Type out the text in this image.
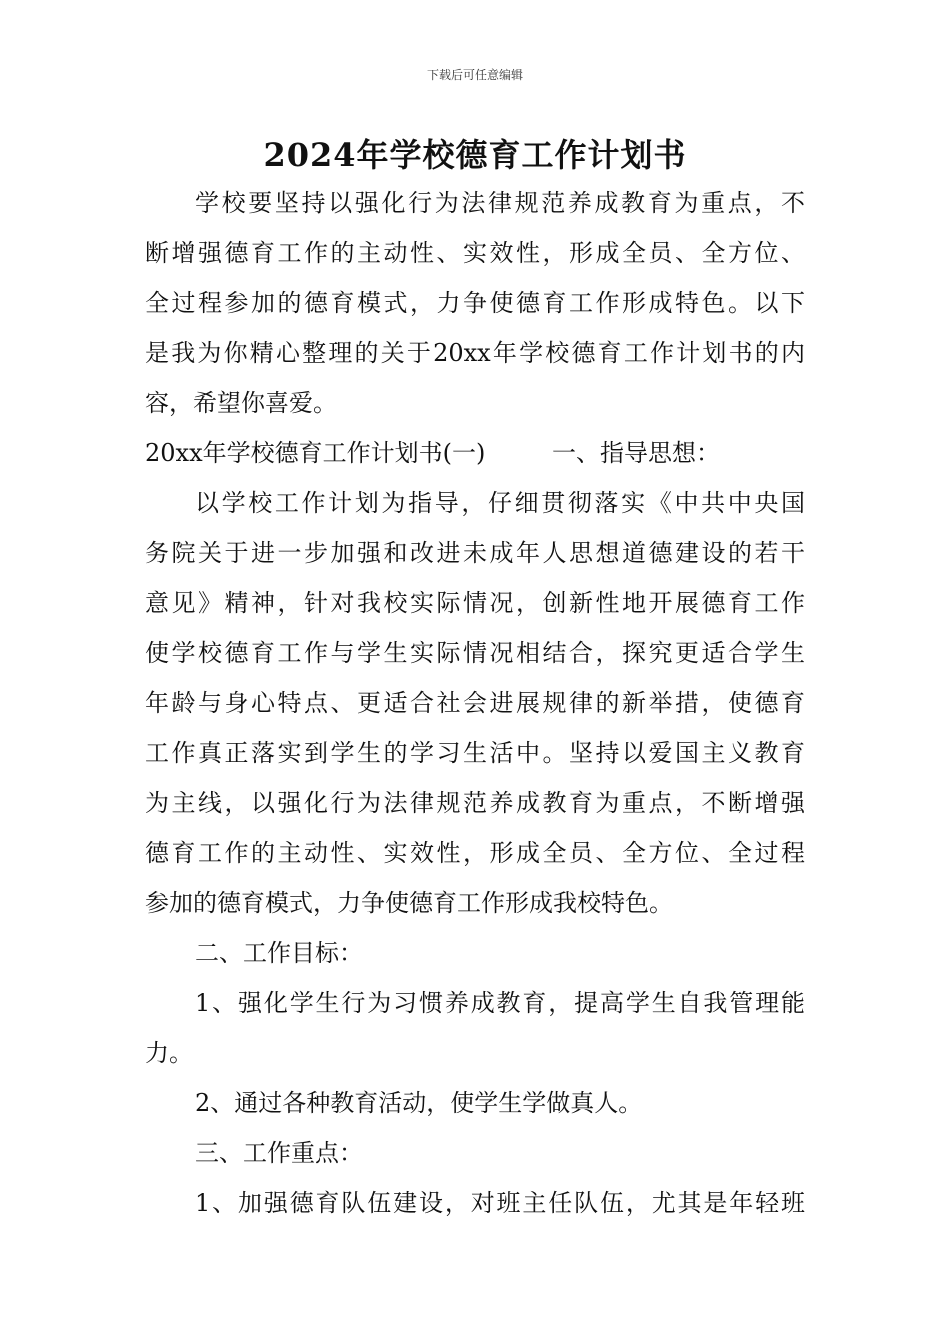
下载后可任意编辑
2024年学校德育工作计划书
学校要坚持以强化行为法律规范养成教育为重点，不
断增强德育工作的主动性、实效性，形成全员、全方位、
全过程参加的德育模式，力争使德育工作形成特色。以下
是我为你精心整理的关于20xx年学校德育工作计划书的内
容，希望你喜爱。
20xx年学校德育工作计划书(一)	一、指导思想：
以学校工作计划为指导，仔细贯彻落实《中共中央国
务院关于进一步加强和改进未成年人思想道德建设的若干
意见》精神，针对我校实际情况，创新性地开展德育工作
使学校德育工作与学生实际情况相结合，探究更适合学生
年龄与身心特点、更适合社会进展规律的新举措，使德育
工作真正落实到学生的学习生活中。坚持以爱国主义教育
为主线，以强化行为法律规范养成教育为重点，不断增强
德育工作的主动性、实效性，形成全员、全方位、全过程
参加的德育模式，力争使德育工作形成我校特色。
二、工作目标：
1、强化学生行为习惯养成教育，提高学生自我管理能
力。
2、通过各种教育活动，使学生学做真人。
三、工作重点：
1、加强德育队伍建设，对班主任队伍，尤其是年轻班
